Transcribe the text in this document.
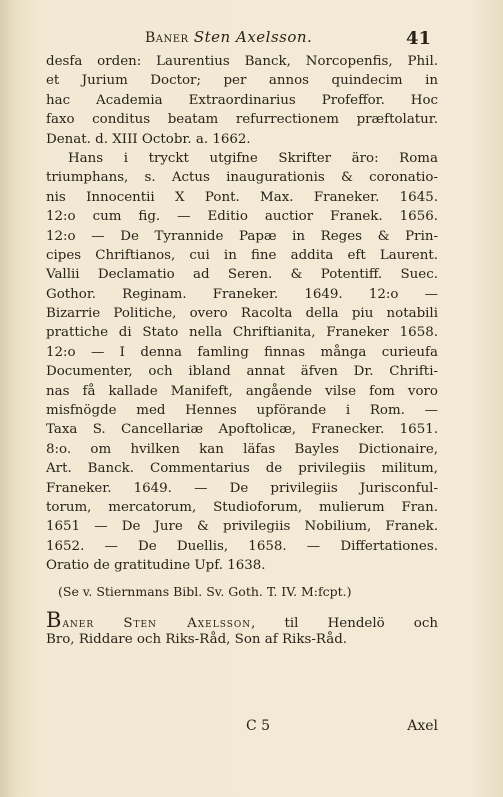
Baner Sten Axelsson.	41
desfa orden: Laurentius Banck, Norcopenfis, Phil.
et Jurium Doctor; per annos quindecim in
hac Academia Extraordinarius Profeffor. Hoc
faxo conditus beatam refurrectionem præftolatur.
Denat. d. XIII Octobr. a. 1662.
Hans i tryckt utgifne Skrifter äro: Roma
triumphans, s. Actus inaugurationis & coronatio-
nis Innocentii X Pont. Max. Franeker. 1645.
12:o cum fig. — Editio auctior Franek. 1656.
12:o — De Tyrannide Papæ in Reges & Prin-
cipes Chriftianos, cui in fine addita eft Laurent.
Vallii Declamatio ad Seren. & Potentiff. Suec.
Gothor. Reginam. Franeker. 1649. 12:o —
Bizarrie Politiche, overo Racolta della piu notabili
prattiche di Stato nella Chriftianita, Franeker 1658.
12:o — I denna famling finnas många curieufa
Documenter, och ibland annat äfven Dr. Chrifti-
nas få kallade Manifeft, angående vilse fom voro
misfnögde med Hennes upförande i Rom. —
Taxa S. Cancellariæ Apoftolicæ, Franecker. 1651.
8:o. om hvilken kan läfas Bayles Dictionaire,
Art. Banck. Commentarius de privilegiis militum,
Franeker. 1649. — De privilegiis Jurisconful-
torum, mercatorum, Studioforum, mulierum Fran.
1651 — De Jure & privilegiis Nobilium, Franek.
1652. — De Duellis, 1658. — Differtationes.
Oratio de gratitudine Upf. 1638.
(Se v. Stiernmans Bibl. Sv. Goth. T. IV. M:fcpt.)
Baner Sten Axelsson, til Hendelö och
Bro, Riddare och Riks-Råd, Son af Riks-Råd.
C 5	Axel
